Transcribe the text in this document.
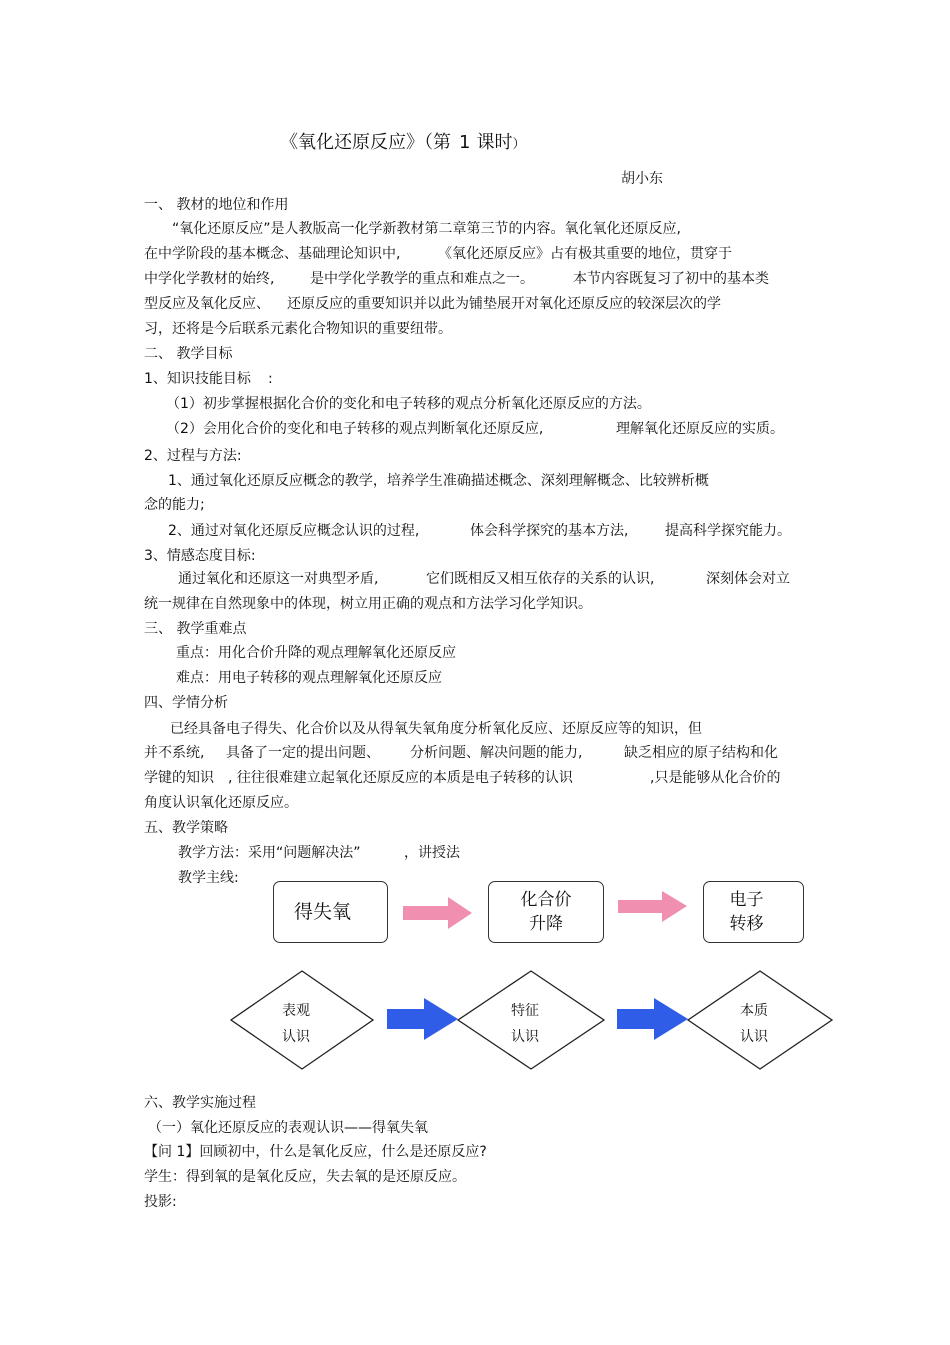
《氧化还原反应》（第 1 课时）
胡小东
一、 教材的地位和作用
“氧化还原反应”是人教版高一化学新教材第二章第三节的内容。氧化氧化还原反应,
在中学阶段的基本概念、基础理论知识中,	《氧化还原反应》占有极其重要的地位，贯穿于
中学化学教材的始终,	是中学化学教学的重点和难点之一。	本节内容既复习了初中的基本类
型反应及氧化反应、 还原反应的重要知识并以此为铺垫展开对氧化还原反应的较深层次的学
习，还将是今后联系元素化合物知识的重要纽带。
二、 教学目标
1、知识技能目标 :
（1）初步掌握根据化合价的变化和电子转移的观点分析氧化还原反应的方法。
（2）会用化合价的变化和电子转移的观点判断氧化还原反应,	理解氧化还原反应的实质。
2、过程与方法:
1、通过氧化还原反应概念的教学，培养学生准确描述概念、深刻理解概念、比较辨析概
念的能力;
2、通过对氧化还原反应概念认识的过程,	体会科学探究的基本方法,	提高科学探究能力。
3、情感态度目标:
通过氧化和还原这一对典型矛盾,	它们既相反又相互依存的关系的认识,	深刻体会对立
统一规律在自然现象中的体现，树立用正确的观点和方法学习化学知识。
三、 教学重难点
重点：用化合价升降的观点理解氧化还原反应
难点：用电子转移的观点理解氧化还原反应
四、学情分析
已经具备电子得失、化合价以及从得氧失氧角度分析氧化反应、还原反应等的知识，但
并不系统, 具备了一定的提出问题、 分析问题、解决问题的能力,	缺乏相应的原子结构和化
学键的知识 , 往往很难建立起氧化还原反应的本质是电子转移的认识	,只是能够从化合价的
角度认识氧化还原反应。
五、教学策略
教学方法：采用“问题解决法”	，讲授法
教学主线:
得失氧
化合价
升降
电子
转移
表观
认识
特征
认识
本质
认识
六、教学实施过程
（一）氧化还原反应的表观认识——得氧失氧
【问 1】回顾初中，什么是氧化反应，什么是还原反应?
学生：得到氧的是氧化反应，失去氧的是还原反应。
投影:
